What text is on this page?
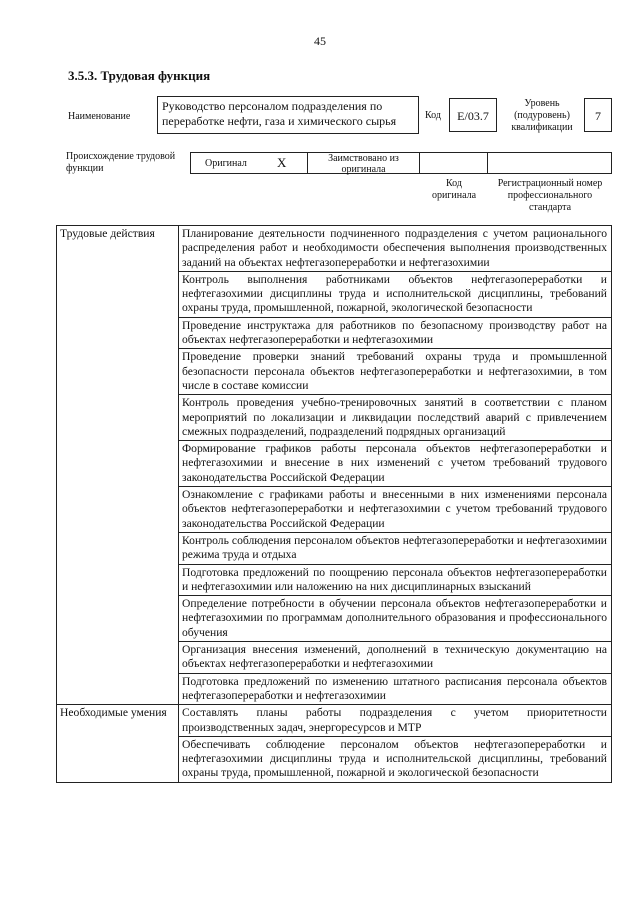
45
3.5.3. Трудовая функция
Наименование
Руководство персоналом подразделения по переработке нефти, газа и химического сырья	Код	E/03.7
Уровень (подуровень) квалификации
7
Происхождение трудовой функции	Оригинал X	Заимствовано из оригинала
Код оригинала
Регистрационный номер профессионального стандарта
Трудовые действия	Планирование деятельности подчиненного подразделения с учетом рационального распределения работ и необходимости обеспечения выполнения производственных заданий на объектах нефтегазопереработки и нефтегазохимии
	Контроль выполнения работниками объектов нефтегазопереработки и нефтегазохимии дисциплины труда и исполнительской дисциплины, требований охраны труда, промышленной, пожарной, экологической безопасности
	Проведение инструктажа для работников по безопасному производству работ на объектах нефтегазопереработки и нефтегазохимии
	Проведение проверки знаний требований охраны труда и промышленной безопасности персонала объектов нефтегазопереработки и нефтегазохимии, в том числе в составе комиссии
	Контроль проведения учебно-тренировочных занятий в соответствии с планом мероприятий по локализации и ликвидации последствий аварий с привлечением смежных подразделений, подразделений подрядных организаций
	Формирование графиков работы персонала объектов нефтегазопереработки и нефтегазохимии и внесение в них изменений с учетом требований трудового законодательства Российской Федерации
	Ознакомление с графиками работы и внесенными в них изменениями персонала объектов нефтегазопереработки и нефтегазохимии с учетом требований трудового законодательства Российской Федерации
	Контроль соблюдения персоналом объектов нефтегазопереработки и нефтегазохимии режима труда и отдыха
	Подготовка предложений по поощрению персонала объектов нефтегазопереработки и нефтегазохимии или наложению на них дисциплинарных взысканий
	Определение потребности в обучении персонала объектов нефтегазопереработки и нефтегазохимии по программам дополнительного образования и профессионального обучения
	Организация внесения изменений, дополнений в техническую документацию на объектах нефтегазопереработки и нефтегазохимии
	Подготовка предложений по изменению штатного расписания персонала объектов нефтегазопереработки и нефтегазохимии
Необходимые умения	Составлять планы работы подразделения с учетом приоритетности производственных задач, энергоресурсов и МТР
	Обеспечивать соблюдение персоналом объектов нефтегазопереработки и нефтегазохимии дисциплины труда и исполнительской дисциплины, требований охраны труда, промышленной, пожарной и экологической безопасности
